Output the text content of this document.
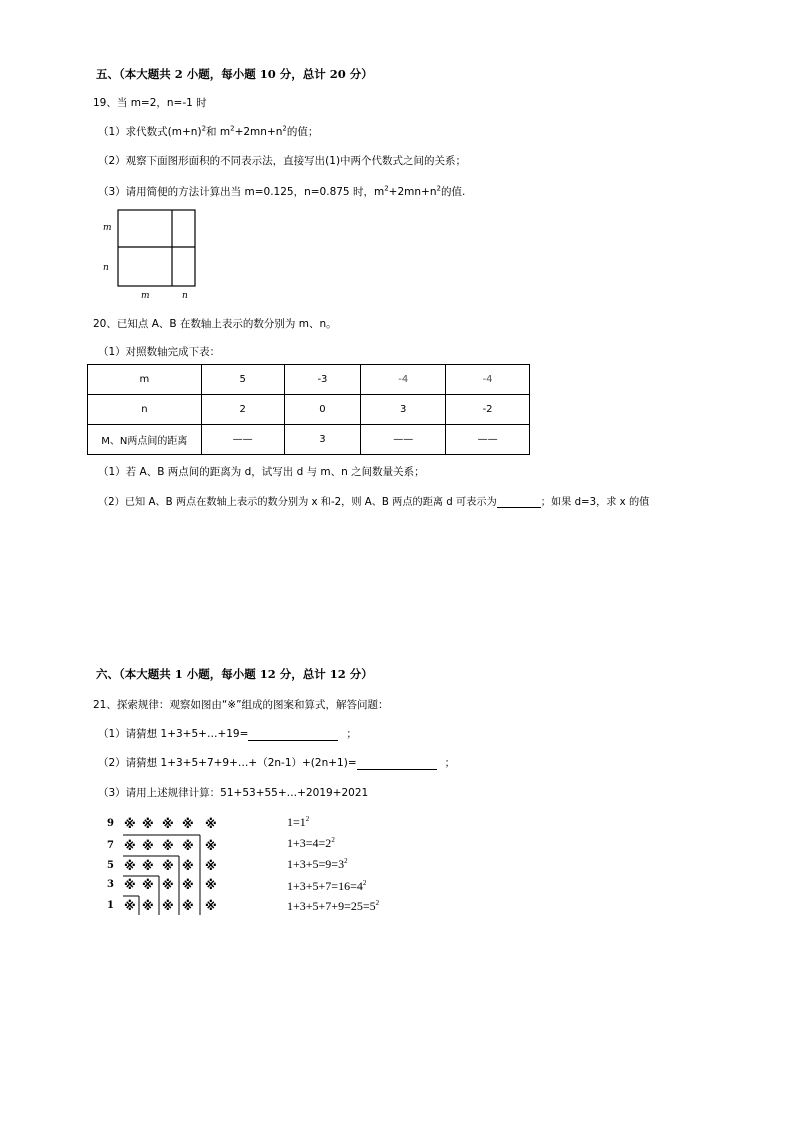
五、（本大题共 2 小题，每小题 10 分，总计 20 分）
19、当 m=2，n=-1 时
（1）求代数式$(m+n)^2$和 $m^2+2mn+n^2$的值；
（2）观察下面图形面积的不同表示法，直接写出(1)中两个代数式之间的关系；
（3）请用简便的方法计算出当 m=0.125，n=0.875 时，$m^2+2mn+n^2$的值.
m
n
m	n
20、已知点 A、B 在数轴上表示的数分别为 m、n。
（1）对照数轴完成下表：
m	5	-3	-4	-4
n	2	0	3	-2
M、N两点间的距离	——	3	——	——
（1）若 A、B 两点间的距离为 d，试写出 d 与 m、n 之间数量关系；
（2）已知 A、B 两点在数轴上表示的数分别为 x 和-2，则 A、B 两点的距离 d 可表示为	；如果 d=3，求 x 的值
六、（本大题共 1 小题，每小题 12 分，总计 12 分）
21、探索规律：观察如图由“※”组成的图案和算式，解答问题：
（1）请猜想 1+3+5+…+19=	；
（2）请猜想 1+3+5+7+9+…+（2n-1）+(2n+1)=	；
（3）请用上述规律计算：51+53+55+…+2019+2021
9
7
5
3
1
※ ※ ※ ※ ※
※ ※ ※ ※ ※
※ ※ ※ ※ ※
※ ※ ※ ※ ※
※ ※ ※ ※ ※
$1=1^2$
$1+3=4=2^2$
$1+3+5=9=3^2$
$1+3+5+7=16=4^2$
$1+3+5+7+9=25=5^2$
